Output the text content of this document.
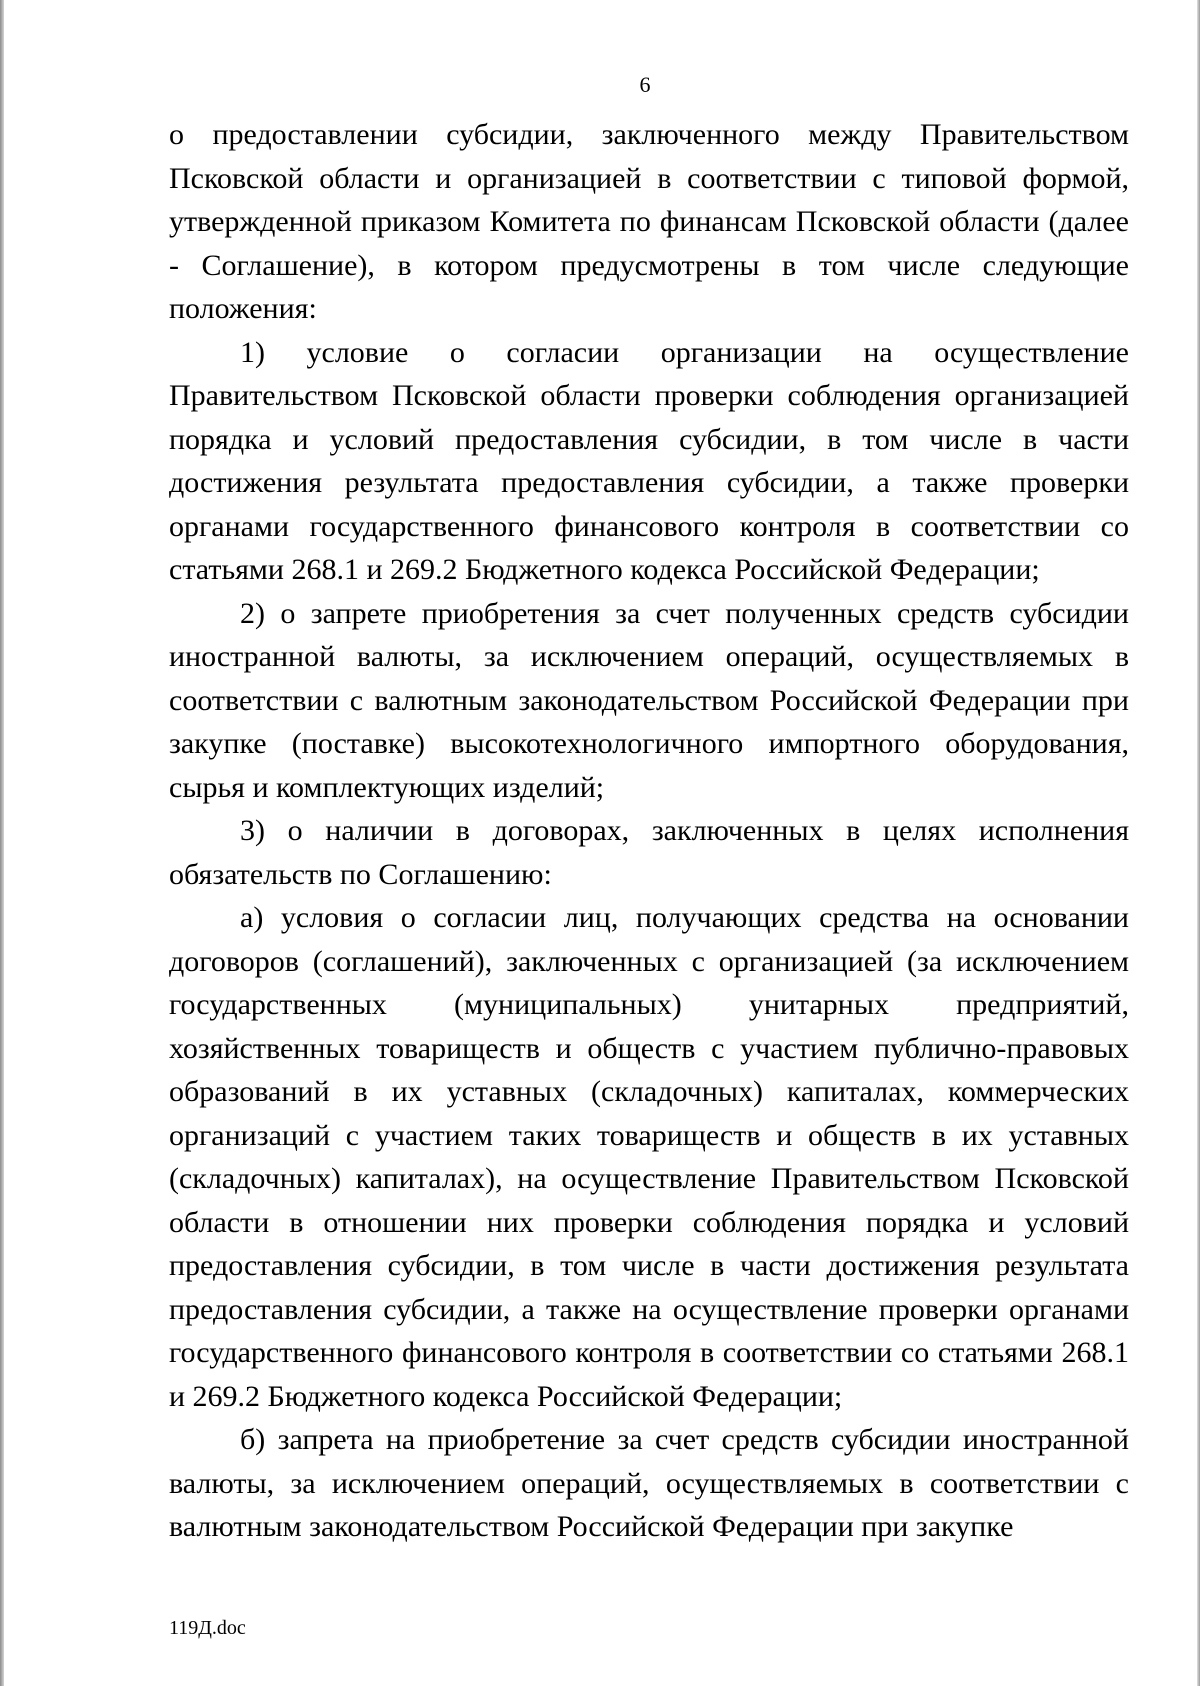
6

о предоставлении субсидии, заключенного между Правительством Псковской области и организацией в соответствии с типовой формой, утвержденной приказом Комитета по финансам Псковской области (далее - Соглашение), в котором предусмотрены в том числе следующие положения:

1) условие о согласии организации на осуществление Правительством Псковской области проверки соблюдения организацией порядка и условий предоставления субсидии, в том числе в части достижения результата предоставления субсидии, а также проверки органами государственного финансового контроля в соответствии со статьями 268.1 и 269.2 Бюджетного кодекса Российской Федерации;

2) о запрете приобретения за счет полученных средств субсидии иностранной валюты, за исключением операций, осуществляемых в соответствии с валютным законодательством Российской Федерации при закупке (поставке) высокотехнологичного импортного оборудования, сырья и комплектующих изделий;

3) о наличии в договорах, заключенных в целях исполнения обязательств по Соглашению:

а) условия о согласии лиц, получающих средства на основании договоров (соглашений), заключенных с организацией (за исключением государственных (муниципальных) унитарных предприятий, хозяйственных товариществ и обществ с участием публично-правовых образований в их уставных (складочных) капиталах, коммерческих организаций с участием таких товариществ и обществ в их уставных (складочных) капиталах), на осуществление Правительством Псковской области в отношении них проверки соблюдения порядка и условий предоставления субсидии, в том числе в части достижения результата предоставления субсидии, а также на осуществление проверки органами государственного финансового контроля в соответствии со статьями 268.1 и 269.2 Бюджетного кодекса Российской Федерации;

б) запрета на приобретение за счет средств субсидии иностранной валюты, за исключением операций, осуществляемых в соответствии с валютным законодательством Российской Федерации при закупке

119Д.doc
